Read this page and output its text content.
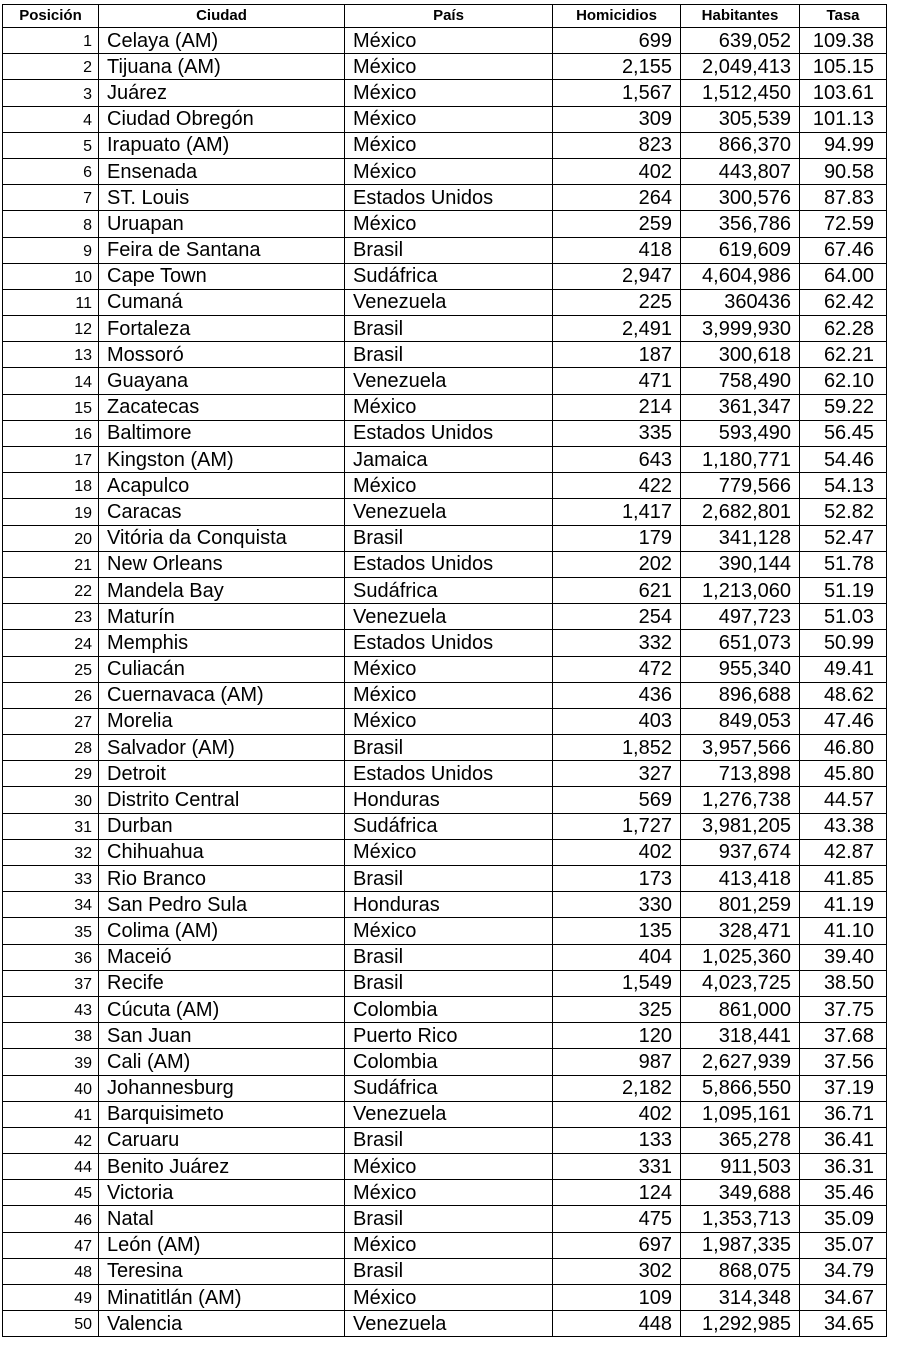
Posición	Ciudad	País	Homicidios	Habitantes	Tasa
1	Celaya (AM)	México	699	639,052	109.38
2	Tijuana (AM)	México	2,155	2,049,413	105.15
3	Juárez	México	1,567	1,512,450	103.61
4	Ciudad Obregón	México	309	305,539	101.13
5	Irapuato (AM)	México	823	866,370	94.99
6	Ensenada	México	402	443,807	90.58
7	ST. Louis	Estados Unidos	264	300,576	87.83
8	Uruapan	México	259	356,786	72.59
9	Feira de Santana	Brasil	418	619,609	67.46
10	Cape Town	Sudáfrica	2,947	4,604,986	64.00
11	Cumaná	Venezuela	225	360436	62.42
12	Fortaleza	Brasil	2,491	3,999,930	62.28
13	Mossoró	Brasil	187	300,618	62.21
14	Guayana	Venezuela	471	758,490	62.10
15	Zacatecas	México	214	361,347	59.22
16	Baltimore	Estados Unidos	335	593,490	56.45
17	Kingston (AM)	Jamaica	643	1,180,771	54.46
18	Acapulco	México	422	779,566	54.13
19	Caracas	Venezuela	1,417	2,682,801	52.82
20	Vitória da Conquista	Brasil	179	341,128	52.47
21	New Orleans	Estados Unidos	202	390,144	51.78
22	Mandela Bay	Sudáfrica	621	1,213,060	51.19
23	Maturín	Venezuela	254	497,723	51.03
24	Memphis	Estados Unidos	332	651,073	50.99
25	Culiacán	México	472	955,340	49.41
26	Cuernavaca (AM)	México	436	896,688	48.62
27	Morelia	México	403	849,053	47.46
28	Salvador (AM)	Brasil	1,852	3,957,566	46.80
29	Detroit	Estados Unidos	327	713,898	45.80
30	Distrito Central	Honduras	569	1,276,738	44.57
31	Durban	Sudáfrica	1,727	3,981,205	43.38
32	Chihuahua	México	402	937,674	42.87
33	Rio Branco	Brasil	173	413,418	41.85
34	San Pedro Sula	Honduras	330	801,259	41.19
35	Colima (AM)	México	135	328,471	41.10
36	Maceió	Brasil	404	1,025,360	39.40
37	Recife	Brasil	1,549	4,023,725	38.50
43	Cúcuta (AM)	Colombia	325	861,000	37.75
38	San Juan	Puerto Rico	120	318,441	37.68
39	Cali (AM)	Colombia	987	2,627,939	37.56
40	Johannesburg	Sudáfrica	2,182	5,866,550	37.19
41	Barquisimeto	Venezuela	402	1,095,161	36.71
42	Caruaru	Brasil	133	365,278	36.41
44	Benito Juárez	México	331	911,503	36.31
45	Victoria	México	124	349,688	35.46
46	Natal	Brasil	475	1,353,713	35.09
47	León (AM)	México	697	1,987,335	35.07
48	Teresina	Brasil	302	868,075	34.79
49	Minatitlán (AM)	México	109	314,348	34.67
50	Valencia	Venezuela	448	1,292,985	34.65
